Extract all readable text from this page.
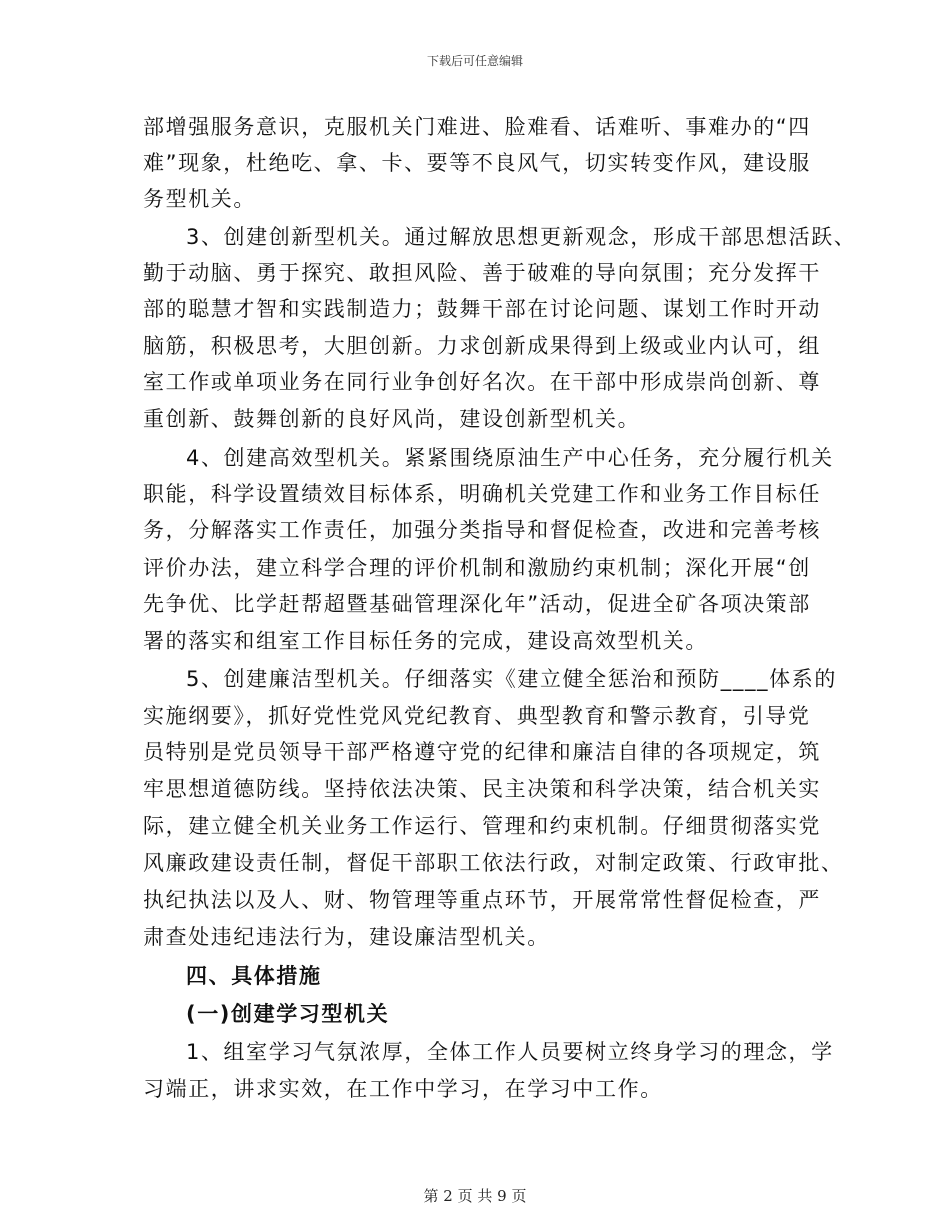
下载后可任意编辑
部增强服务意识，克服机关门难进、脸难看、话难听、事难办的“四
难”现象，杜绝吃、拿、卡、要等不良风气，切实转变作风，建设服
务型机关。
3、创建创新型机关。通过解放思想更新观念，形成干部思想活跃、
勤于动脑、勇于探究、敢担风险、善于破难的导向氛围；充分发挥干
部的聪慧才智和实践制造力；鼓舞干部在讨论问题、谋划工作时开动
脑筋，积极思考，大胆创新。力求创新成果得到上级或业内认可，组
室工作或单项业务在同行业争创好名次。在干部中形成崇尚创新、尊
重创新、鼓舞创新的良好风尚，建设创新型机关。
4、创建高效型机关。紧紧围绕原油生产中心任务，充分履行机关
职能，科学设置绩效目标体系，明确机关党建工作和业务工作目标任
务，分解落实工作责任，加强分类指导和督促检查，改进和完善考核
评价办法，建立科学合理的评价机制和激励约束机制；深化开展“创
先争优、比学赶帮超暨基础管理深化年”活动，促进全矿各项决策部
署的落实和组室工作目标任务的完成，建设高效型机关。
5、创建廉洁型机关。仔细落实《建立健全惩治和预防____体系的
实施纲要》，抓好党性党风党纪教育、典型教育和警示教育，引导党
员特别是党员领导干部严格遵守党的纪律和廉洁自律的各项规定，筑
牢思想道德防线。坚持依法决策、民主决策和科学决策，结合机关实
际，建立健全机关业务工作运行、管理和约束机制。仔细贯彻落实党
风廉政建设责任制，督促干部职工依法行政，对制定政策、行政审批、
执纪执法以及人、财、物管理等重点环节，开展常常性督促检查，严
肃查处违纪违法行为，建设廉洁型机关。
四、具体措施
(一)创建学习型机关
1、组室学习气氛浓厚，全体工作人员要树立终身学习的理念，学
习端正，讲求实效，在工作中学习，在学习中工作。
第 2 页 共 9 页
